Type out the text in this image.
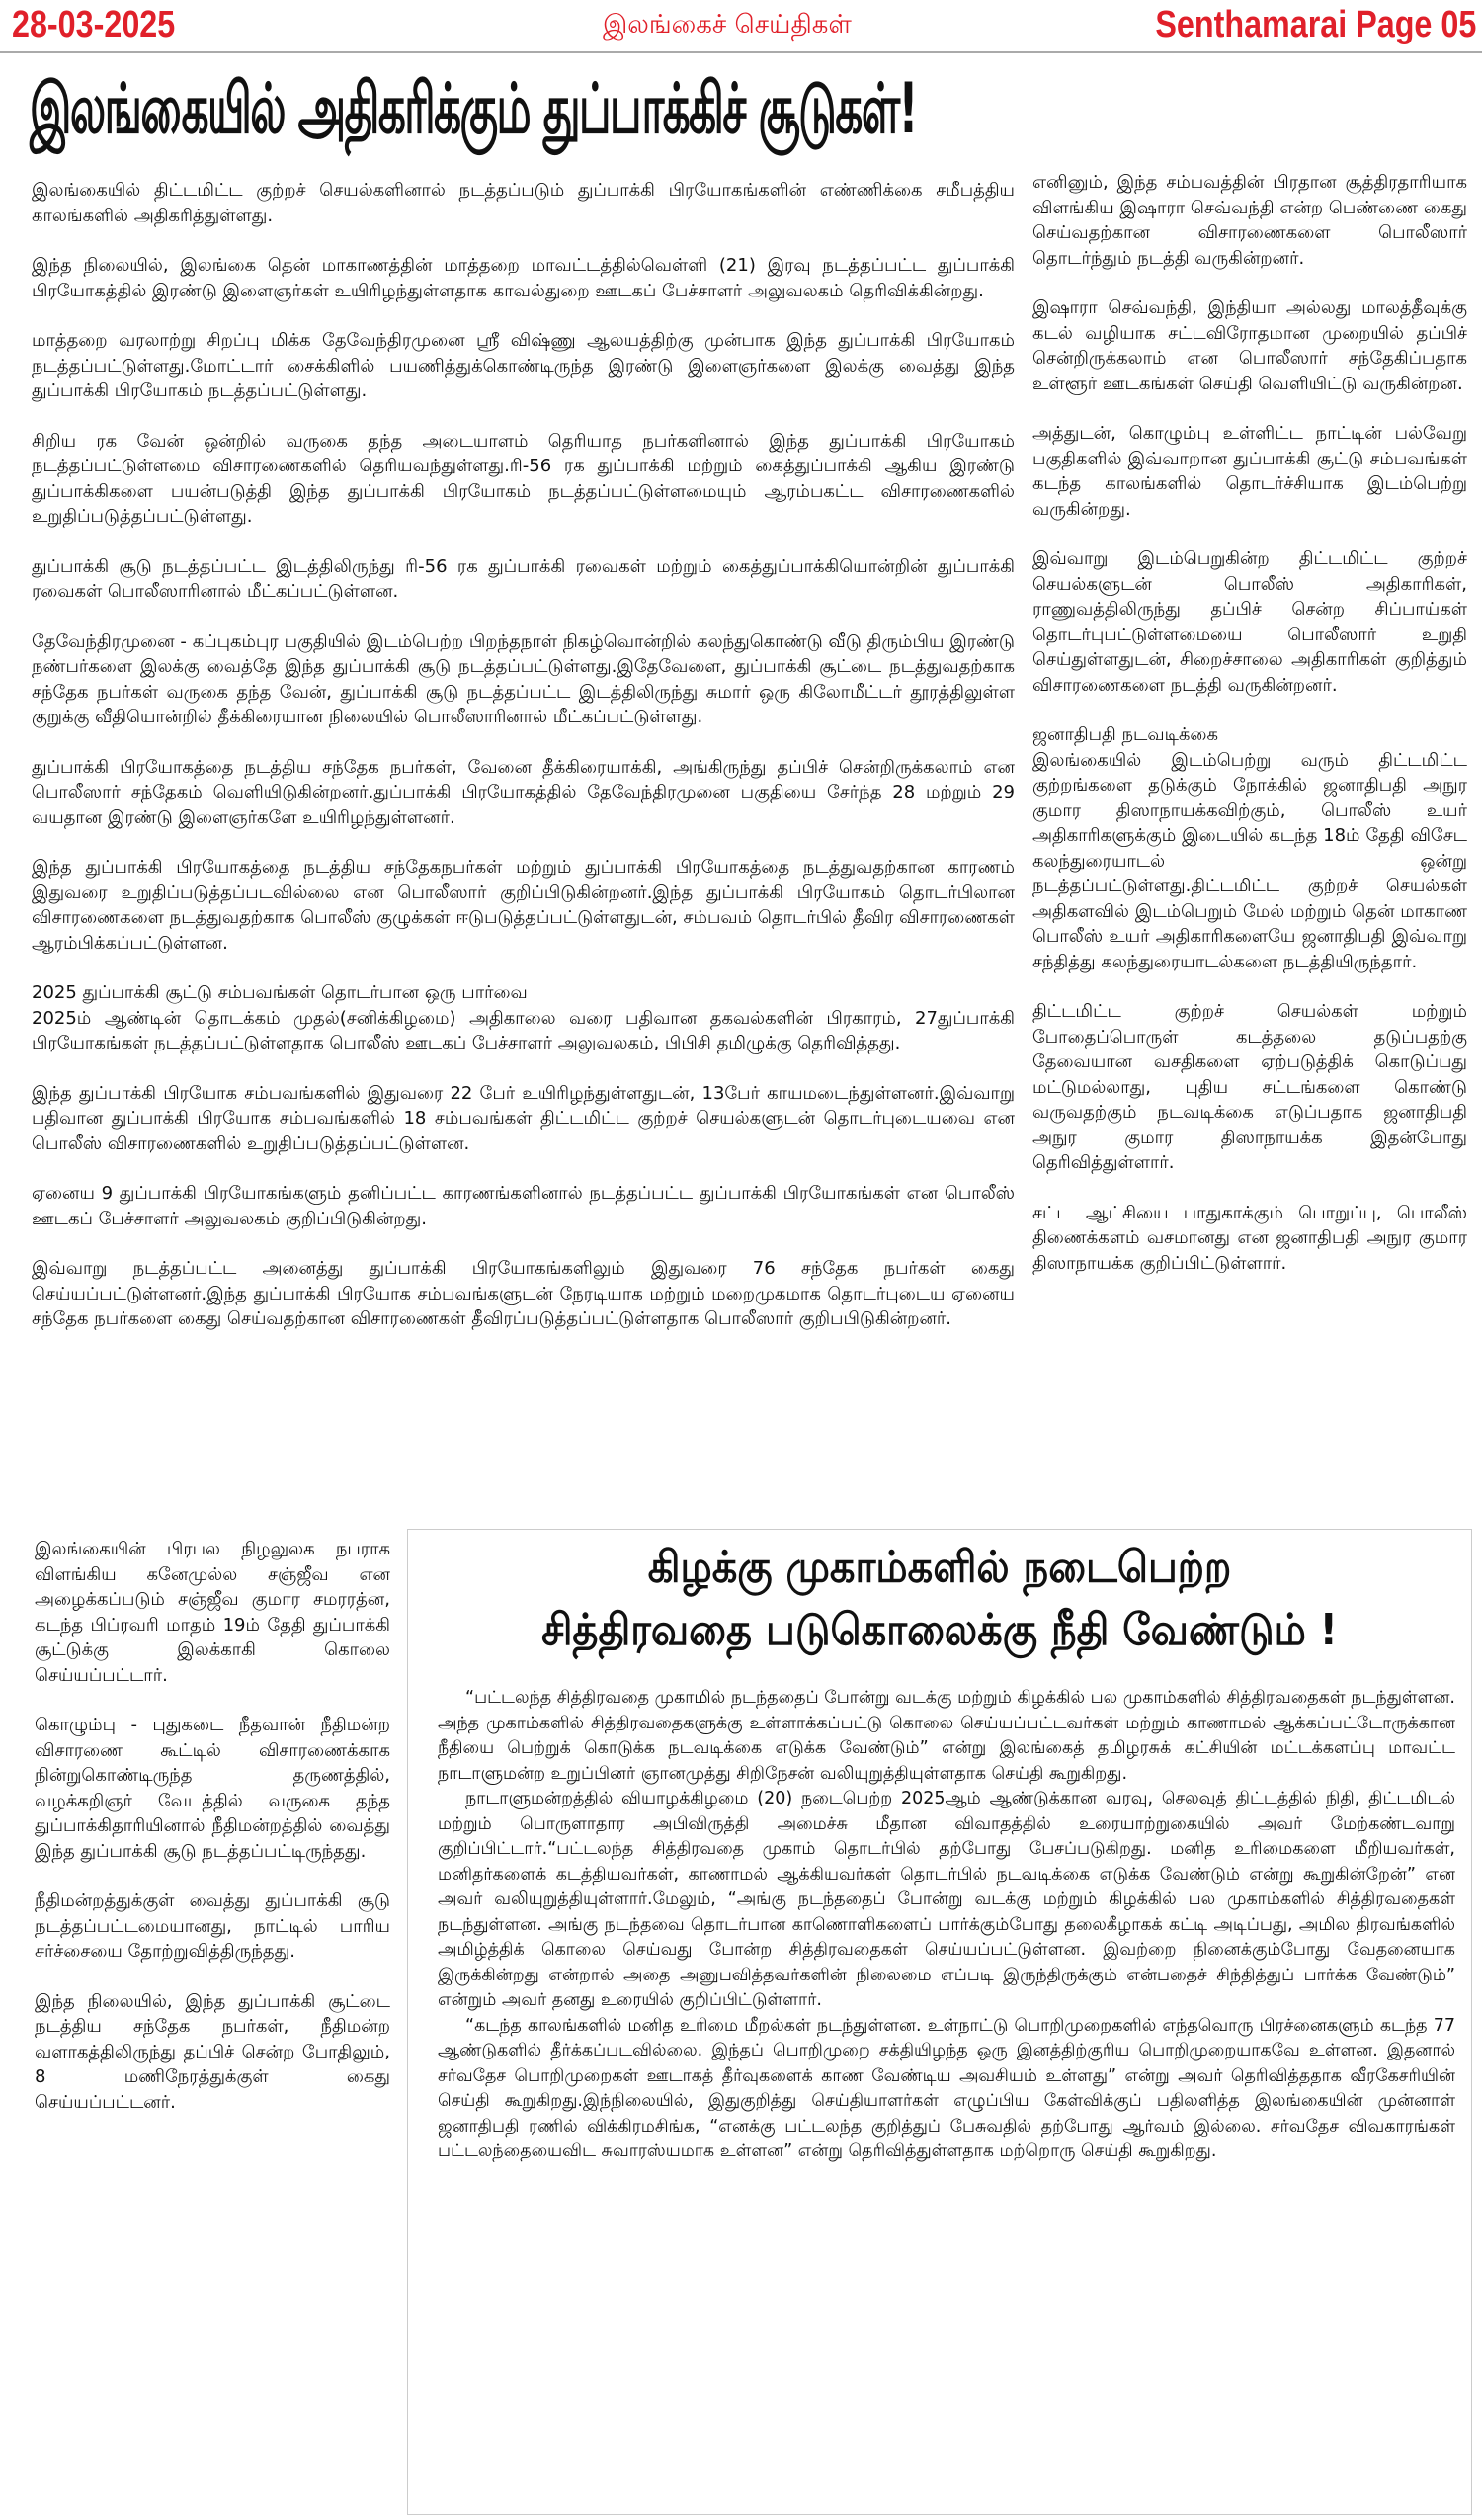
28-03-2025	இலங்கைச் செய்திகள்	Senthamarai Page 05
இலங்கையில் அதிகரிக்கும் துப்பாக்கிச் சூடுகள்!

இலங்கையில் திட்டமிட்ட குற்றச் செயல்களினால் நடத்தப்படும் துப்பாக்கி பிரயோகங்களின் எண்ணிக்கை சமீபத்திய காலங்களில் அதிகரித்துள்ளது.

இந்த நிலையில், இலங்கை தென் மாகாணத்தின் மாத்தறை மாவட்டத்தில்வெள்ளி (21) இரவு நடத்தப்பட்ட துப்பாக்கி பிரயோகத்தில் இரண்டு இளைஞர்கள் உயிரிழந்துள்ளதாக காவல்துறை ஊடகப் பேச்சாளர் அலுவலகம் தெரிவிக்கின்றது.

மாத்தறை வரலாற்று சிறப்பு மிக்க தேவேந்திரமுனை ஸ்ரீ விஷ்ணு ஆலயத்திற்கு முன்பாக இந்த துப்பாக்கி பிரயோகம் நடத்தப்பட்டுள்ளது.மோட்டார் சைக்கிளில் பயணித்துக்கொண்டிருந்த இரண்டு இளைஞர்களை இலக்கு வைத்து இந்த துப்பாக்கி பிரயோகம் நடத்தப்பட்டுள்ளது.

சிறிய ரக வேன் ஒன்றில் வருகை தந்த அடையாளம் தெரியாத நபர்களினால் இந்த துப்பாக்கி பிரயோகம் நடத்தப்பட்டுள்ளமை விசாரணைகளில் தெரியவந்துள்ளது.ரி-56 ரக துப்பாக்கி மற்றும் கைத்துப்பாக்கி ஆகிய இரண்டு துப்பாக்கிகளை பயன்படுத்தி இந்த துப்பாக்கி பிரயோகம் நடத்தப்பட்டுள்ளமையும் ஆரம்பகட்ட விசாரணைகளில் உறுதிப்படுத்தப்பட்டுள்ளது.

துப்பாக்கி சூடு நடத்தப்பட்ட இடத்திலிருந்து ரி-56 ரக துப்பாக்கி ரவைகள் மற்றும் கைத்துப்பாக்கியொன்றின் துப்பாக்கி ரவைகள் பொலீஸாரினால் மீட்கப்பட்டுள்ளன.

தேவேந்திரமுனை - கப்புகம்புர பகுதியில் இடம்பெற்ற பிறந்தநாள் நிகழ்வொன்றில் கலந்துகொண்டு வீடு திரும்பிய இரண்டு நண்பர்களை இலக்கு வைத்தே இந்த துப்பாக்கி சூடு நடத்தப்பட்டுள்ளது.இதேவேளை, துப்பாக்கி சூட்டை நடத்துவதற்காக சந்தேக நபர்கள் வருகை தந்த வேன், துப்பாக்கி சூடு நடத்தப்பட்ட இடத்திலிருந்து சுமார் ஒரு கிலோமீட்டர் தூரத்திலுள்ள குறுக்கு வீதியொன்றில் தீக்கிரையான நிலையில் பொலீஸாரினால் மீட்கப்பட்டுள்ளது.

துப்பாக்கி பிரயோகத்தை நடத்திய சந்தேக நபர்கள், வேனை தீக்கிரையாக்கி, அங்கிருந்து தப்பிச் சென்றிருக்கலாம் என பொலீஸார் சந்தேகம் வெளியிடுகின்றனர்.துப்பாக்கி பிரயோகத்தில் தேவேந்திரமுனை பகுதியை சேர்ந்த 28 மற்றும் 29 வயதான இரண்டு இளைஞர்களே உயிரிழந்துள்ளனர்.

இந்த துப்பாக்கி பிரயோகத்தை நடத்திய சந்தேகநபர்கள் மற்றும் துப்பாக்கி பிரயோகத்தை நடத்துவதற்கான காரணம் இதுவரை உறுதிப்படுத்தப்படவில்லை என பொலீஸார் குறிப்பிடுகின்றனர்.இந்த துப்பாக்கி பிரயோகம் தொடர்பிலான விசாரணைகளை நடத்துவதற்காக பொலீஸ் குழுக்கள் ஈடுபடுத்தப்பட்டுள்ளதுடன், சம்பவம் தொடர்பில் தீவிர விசாரணைகள் ஆரம்பிக்கப்பட்டுள்ளன.

2025 துப்பாக்கி சூட்டு சம்பவங்கள் தொடர்பான ஒரு பார்வை
2025ம் ஆண்டின் தொடக்கம் முதல்(சனிக்கிழமை) அதிகாலை வரை பதிவான தகவல்களின் பிரகாரம், 27துப்பாக்கி பிரயோகங்கள் நடத்தப்பட்டுள்ளதாக பொலீஸ் ஊடகப் பேச்சாளர் அலுவலகம், பிபிசி தமிழுக்கு தெரிவித்தது.

இந்த துப்பாக்கி பிரயோக சம்பவங்களில் இதுவரை 22 பேர் உயிரிழந்துள்ளதுடன், 13பேர் காயமடைந்துள்ளனர்.இவ்வாறு பதிவான துப்பாக்கி பிரயோக சம்பவங்களில் 18 சம்பவங்கள் திட்டமிட்ட குற்றச் செயல்களுடன் தொடர்புடையவை என பொலீஸ் விசாரணைகளில் உறுதிப்படுத்தப்பட்டுள்ளன.

ஏனைய 9 துப்பாக்கி பிரயோகங்களும் தனிப்பட்ட காரணங்களினால் நடத்தப்பட்ட துப்பாக்கி பிரயோகங்கள் என பொலீஸ் ஊடகப் பேச்சாளர் அலுவலகம் குறிப்பிடுகின்றது.

இவ்வாறு நடத்தப்பட்ட அனைத்து துப்பாக்கி பிரயோகங்களிலும் இதுவரை 76 சந்தேக நபர்கள் கைது செய்யப்பட்டுள்ளனர்.இந்த துப்பாக்கி பிரயோக சம்பவங்களுடன் நேரடியாக மற்றும் மறைமுகமாக தொடர்புடைய ஏனைய சந்தேக நபர்களை கைது செய்வதற்கான விசாரணைகள் தீவிரப்படுத்தப்பட்டுள்ளதாக பொலீஸார் குறிபபிடுகின்றனர்.

எனினும், இந்த சம்பவத்தின் பிரதான சூத்திரதாரியாக விளங்கிய இஷாரா செவ்வந்தி என்ற பெண்ணை கைது செய்வதற்கான விசாரணைகளை பொலீஸார் தொடர்ந்தும் நடத்தி வருகின்றனர்.

இஷாரா செவ்வந்தி, இந்தியா அல்லது மாலத்தீவுக்கு கடல் வழியாக சட்டவிரோதமான முறையில் தப்பிச் சென்றிருக்கலாம் என பொலீஸார் சந்தேகிப்பதாக உள்ளூர் ஊடகங்கள் செய்தி வெளியிட்டு வருகின்றன.

அத்துடன், கொழும்பு உள்ளிட்ட நாட்டின் பல்வேறு பகுதிகளில் இவ்வாறான துப்பாக்கி சூட்டு சம்பவங்கள் கடந்த காலங்களில் தொடர்ச்சியாக இடம்பெற்று வருகின்றது.

இவ்வாறு இடம்பெறுகின்ற திட்டமிட்ட குற்றச் செயல்களுடன் பொலீஸ் அதிகாரிகள், ராணுவத்திலிருந்து தப்பிச் சென்ற சிப்பாய்கள் தொடர்புபட்டுள்ளமையை பொலீஸார் உறுதி செய்துள்ளதுடன், சிறைச்சாலை அதிகாரிகள் குறித்தும் விசாரணைகளை நடத்தி வருகின்றனர்.

ஜனாதிபதி நடவடிக்கை
இலங்கையில் இடம்பெற்று வரும் திட்டமிட்ட குற்றங்களை தடுக்கும் நோக்கில் ஜனாதிபதி அநுர குமார திஸாநாயக்கவிற்கும், பொலீஸ் உயர் அதிகாரிகளுக்கும் இடையில் கடந்த 18ம் தேதி விசேட கலந்துரையாடல் ஒன்று நடத்தப்பட்டுள்ளது.திட்டமிட்ட குற்றச் செயல்கள் அதிகளவில் இடம்பெறும் மேல் மற்றும் தென் மாகாண பொலீஸ் உயர் அதிகாரிகளையே ஜனாதிபதி இவ்வாறு சந்தித்து கலந்துரையாடல்களை நடத்தியிருந்தார்.

திட்டமிட்ட குற்றச் செயல்கள் மற்றும் போதைப்பொருள் கடத்தலை தடுப்பதற்கு தேவையான வசதிகளை ஏற்படுத்திக் கொடுப்பது மட்டுமல்லாது, புதிய சட்டங்களை கொண்டு வருவதற்கும் நடவடிக்கை எடுப்பதாக ஜனாதிபதி அநுர குமார திஸாநாயக்க இதன்போது தெரிவித்துள்ளார்.

சட்ட ஆட்சியை பாதுகாக்கும் பொறுப்பு, பொலீஸ் திணைக்களம் வசமானது என ஜனாதிபதி அநுர குமார திஸாநாயக்க குறிப்பிட்டுள்ளார்.

இலங்கையின் பிரபல நிழலுலக நபராக விளங்கிய கனேமுல்ல சஞ்ஜீவ என அழைக்கப்படும் சஞ்ஜீவ குமார சமரரத்ன, கடந்த பிப்ரவரி மாதம் 19ம் தேதி துப்பாக்கி சூட்டுக்கு இலக்காகி கொலை செய்யப்பட்டார்.

கொழும்பு - புதுகடை நீதவான் நீதிமன்ற விசாரணை கூட்டில் விசாரணைக்காக நின்றுகொண்டிருந்த தருணத்தில், வழக்கறிஞர் வேடத்தில் வருகை தந்த துப்பாக்கிதாரியினால் நீதிமன்றத்தில் வைத்து இந்த துப்பாக்கி சூடு நடத்தப்பட்டிருந்தது.

நீதிமன்றத்துக்குள் வைத்து துப்பாக்கி சூடு நடத்தப்பட்டமையானது, நாட்டில் பாரிய சர்ச்சையை தோற்றுவித்திருந்தது.

இந்த நிலையில், இந்த துப்பாக்கி சூட்டை நடத்திய சந்தேக நபர்கள், நீதிமன்ற வளாகத்திலிருந்து தப்பிச் சென்ற போதிலும், 8 மணிநேரத்துக்குள் கைது செய்யப்பட்டனர்.

கிழக்கு முகாம்களில் நடைபெற்ற
சித்திரவதை படுகொலைக்கு நீதி வேண்டும் !

“பட்டலந்த சித்திரவதை முகாமில் நடந்ததைப் போன்று வடக்கு மற்றும் கிழக்கில் பல முகாம்களில் சித்திரவதைகள் நடந்துள்ளன. அந்த முகாம்களில் சித்திரவதைகளுக்கு உள்ளாக்கப்பட்டு கொலை செய்யப்பட்டவர்கள் மற்றும் காணாமல் ஆக்கப்பட்டோருக்கான நீதியை பெற்றுக் கொடுக்க நடவடிக்கை எடுக்க வேண்டும்” என்று இலங்கைத் தமிழரசுக் கட்சியின் மட்டக்களப்பு மாவட்ட நாடாளுமன்ற உறுப்பினர் ஞானமுத்து சிறிநேசன் வலியுறுத்தியுள்ளதாக செய்தி கூறுகிறது.

நாடாளுமன்றத்தில் வியாழக்கிழமை (20) நடைபெற்ற 2025ஆம் ஆண்டுக்கான வரவு, செலவுத் திட்டத்தில் நிதி, திட்டமிடல் மற்றும் பொருளாதார அபிவிருத்தி அமைச்சு மீதான விவாதத்தில் உரையாற்றுகையில் அவர் மேற்கண்டவாறு குறிப்பிட்டார்.“பட்டலந்த சித்திரவதை முகாம் தொடர்பில் தற்போது பேசப்படுகிறது. மனித உரிமைகளை மீறியவர்கள், மனிதர்களைக் கடத்தியவர்கள், காணாமல் ஆக்கியவர்கள் தொடர்பில் நடவடிக்கை எடுக்க வேண்டும் என்று கூறுகின்றேன்” என அவர் வலியுறுத்தியுள்ளார்.மேலும், “அங்கு நடந்ததைப் போன்று வடக்கு மற்றும் கிழக்கில் பல முகாம்களில் சித்திரவதைகள் நடந்துள்ளன. அங்கு நடந்தவை தொடர்பான காணொளிகளைப் பார்க்கும்போது தலைகீழாகக் கட்டி அடிப்பது, அமில திரவங்களில் அமிழ்த்திக் கொலை செய்வது போன்ற சித்திரவதைகள் செய்யப்பட்டுள்ளன. இவற்றை நினைக்கும்போது வேதனையாக இருக்கின்றது என்றால் அதை அனுபவித்தவர்களின் நிலைமை எப்படி இருந்திருக்கும் என்பதைச் சிந்தித்துப் பார்க்க வேண்டும்” என்றும் அவர் தனது உரையில் குறிப்பிட்டுள்ளார்.

“கடந்த காலங்களில் மனித உரிமை மீறல்கள் நடந்துள்ளன. உள்நாட்டு பொறிமுறைகளில் எந்தவொரு பிரச்னைகளும் கடந்த 77 ஆண்டுகளில் தீர்க்கப்படவில்லை. இந்தப் பொறிமுறை சக்தியிழந்த ஒரு இனத்திற்குரிய பொறிமுறையாகவே உள்ளன. இதனால் சர்வதேச பொறிமுறைகள் ஊடாகத் தீர்வுகளைக் காண வேண்டிய அவசியம் உள்ளது” என்று அவர் தெரிவித்ததாக வீரகேசரியின் செய்தி கூறுகிறது.இந்நிலையில், இதுகுறித்து செய்தியாளர்கள் எழுப்பிய கேள்விக்குப் பதிலளித்த இலங்கையின் முன்னாள் ஜனாதிபதி ரணில் விக்கிரமசிங்க, “எனக்கு பட்டலந்த குறித்துப் பேசுவதில் தற்போது ஆர்வம் இல்லை. சர்வதேச விவகாரங்கள் பட்டலந்தையைவிட சுவாரஸ்யமாக உள்ளன” என்று தெரிவித்துள்ளதாக மற்றொரு செய்தி கூறுகிறது.
